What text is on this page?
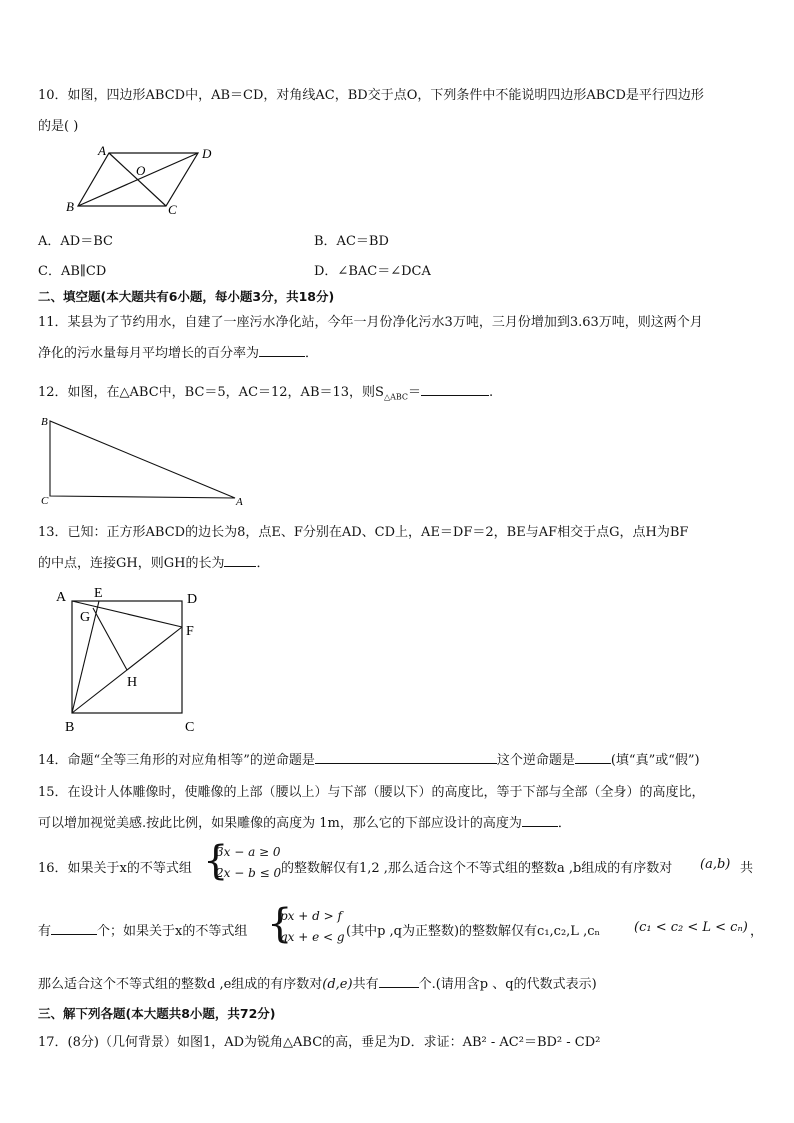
10．如图，四边形ABCD中，AB＝CD，对角线AC，BD交于点O，下列条件中不能说明四边形ABCD是平行四边形
的是( )
A	D
B	C
O
A．AD＝BC	B．AC＝BD
C．AB∥CD	D．∠BAC＝∠DCA
二、填空题(本大题共有6小题，每小题3分，共18分)
11．某县为了节约用水，自建了一座污水净化站，今年一月份净化污水3万吨，三月份增加到3.63万吨，则这两个月
净化的污水量每月平均增长的百分率为	．
12．如图，在△ABC中，BC＝5，AC＝12，AB＝13，则$S_{\triangle ABC}=$	.
B
C	A
13．已知：正方形ABCD的边长为8，点E、F分别在AD、CD上，AE＝DF＝2，BE与AF相交于点G，点H为BF
的中点，连接GH，则GH的长为 ．
A E	D
G
F
H
B	C
14．命题“全等三角形的对应角相等”的逆命题是	这个逆命题是	(填“真”或“假”)
15．在设计人体雕像时，使雕像的上部（腰以上）与下部（腰以下）的高度比，等于下部与全部（全身）的高度比，
可以增加视觉美感.按此比例，如果雕像的高度为 1m，那么它的下部应设计的高度为	．
16．如果关于x的不等式组 {
3x − a ≥ 0
2x − b ≤ 0 的整数解仅有1,2 ,那么适合这个不等式组的整数a ,b组成的有序数对 (a,b) 共
有	个；如果关于x的不等式组 {
px + d > f
qx + e < g (其中p ,q为正整数)的整数解仅有c₁,c₂,L ,cₙ	(c₁ < c₂ < L < cₙ) ，
那么适合这个不等式组的整数d ,e组成的有序数对(d,e)共有	个.(请用含p 、q的代数式表示)
三、解下列各题(本大题共8小题，共72分)
17．(8分)（几何背景）如图1，AD为锐角△ABC的高，垂足为D．求证：AB² - AC²＝BD² - CD²
